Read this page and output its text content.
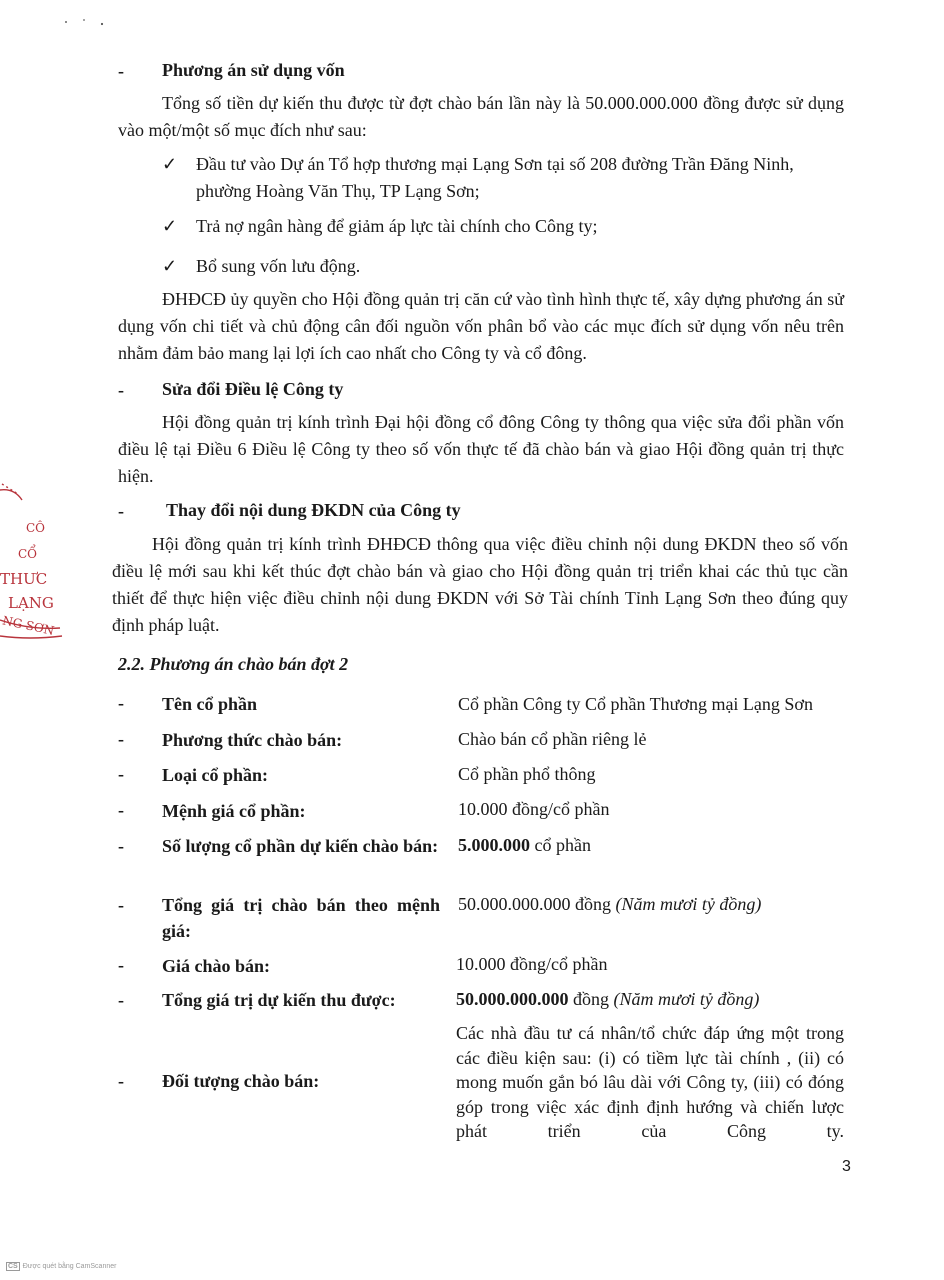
-	Phương án sử dụng vốn

Tổng số tiền dự kiến thu được từ đợt chào bán lần này là 50.000.000.000 đồng được sử dụng vào một/một số mục đích như sau:

✓	Đầu tư vào Dự án Tổ hợp thương mại Lạng Sơn tại số 208 đường Trần Đăng Ninh, phường Hoàng Văn Thụ, TP Lạng Sơn;
✓	Trả nợ ngân hàng để giảm áp lực tài chính cho Công ty;
✓	Bổ sung vốn lưu động.

ĐHĐCĐ ủy quyền cho Hội đồng quản trị căn cứ vào tình hình thực tế, xây dựng phương án sử dụng vốn chi tiết và chủ động cân đối nguồn vốn phân bổ vào các mục đích sử dụng vốn nêu trên nhằm đảm bảo mang lại lợi ích cao nhất cho Công ty và cổ đông.

-	Sửa đổi Điều lệ Công ty

Hội đồng quản trị kính trình Đại hội đồng cổ đông Công ty thông qua việc sửa đổi phần vốn điều lệ tại Điều 6 Điều lệ Công ty theo số vốn thực tế đã chào bán và giao Hội đồng quản trị thực hiện.

-	Thay đổi nội dung ĐKDN của Công ty

Hội đồng quản trị kính trình ĐHĐCĐ thông qua việc điều chỉnh nội dung ĐKDN theo số vốn điều lệ mới sau khi kết thúc đợt chào bán và giao cho Hội đồng quản trị triển khai các thủ tục cần thiết để thực hiện việc điều chỉnh nội dung ĐKDN với Sở Tài chính Tỉnh Lạng Sơn theo đúng quy định pháp luật.

2.2. Phương án chào bán đợt 2
- Tên cổ phần	Cổ phần Công ty Cổ phần Thương mại Lạng Sơn
- Phương thức chào bán:	Chào bán cổ phần riêng lẻ
- Loại cổ phần:	Cổ phần phổ thông
- Mệnh giá cổ phần:	10.000 đồng/cổ phần
- Số lượng cổ phần dự kiến chào bán: 5.000.000 cổ phần
- Tổng giá trị chào bán theo mệnh giá:
50.000.000.000 đồng (Năm mươi tỷ đồng)
- Giá chào bán:	10.000 đồng/cổ phần
- Tổng giá trị dự kiến thu được:	50.000.000.000 đồng (Năm mươi tỷ đồng)
- Đối tượng chào bán:

Các nhà đầu tư cá nhân/tổ chức đáp ứng một trong các điều kiện sau: (i) có tiềm lực tài chính , (ii) có mong muốn gắn bó lâu dài với Công ty, (iii) có đóng góp trong việc xác định định hướng và chiến lược phát triển của Công ty.

3
CÔ
CỔ
THƯC
LẠNG
NG SƠN
CS Được quét bằng CamScanner
